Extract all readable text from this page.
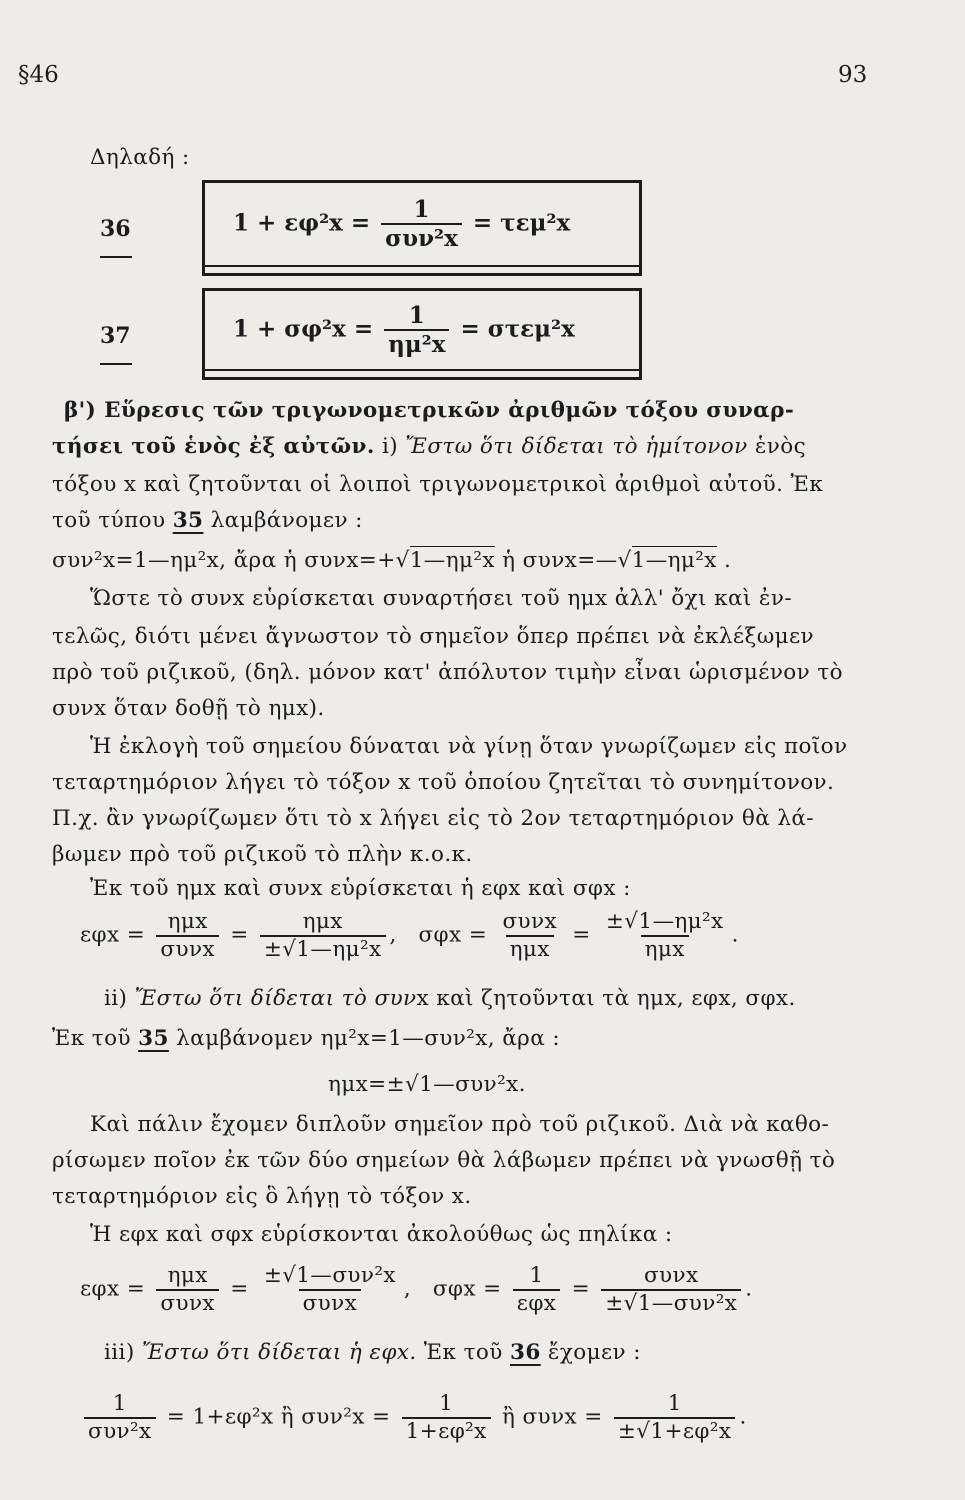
§46	93
Δηλαδή :
36	$1 + \varepsilon\varphi^2x = \frac{1}{\text{συν²x}} = \tau\varepsilon\mu^2x$
37	$1 + \sigma\varphi^2x = \frac{1}{\text{ημ²x}} = \sigma\tau\varepsilon\mu^2x$
β') Εὕρεσις τῶν τριγωνομετρικῶν ἀριθμῶν τόξου συναρ-
τήσει τοῦ ἑνὸς ἐξ αὐτῶν. i) Ἔστω ὅτι δίδεται τὸ ἡμίτονον ἑνὸς
τόξου x καὶ ζητοῦνται οἱ λοιποὶ τριγωνομετρικοὶ ἀριθμοὶ αὐτοῦ. Ἐκ
τοῦ τύπου 35 λαμβάνομεν :
συν²x=1—ημ²x, ἄρα ἡ συνx=+√1—ημ²x ἡ συνx=—√1—ημ²x .
Ὥστε τὸ συνx εὑρίσκεται συναρτήσει τοῦ ημx ἀλλ' ὄχι καὶ ἐν-
τελῶς, διότι μένει ἄγνωστον τὸ σημεῖον ὅπερ πρέπει νὰ ἐκλέξωμεν
πρὸ τοῦ ριζικοῦ, (δηλ. μόνον κατ' ἀπόλυτον τιμὴν εἶναι ὡρισμένον τὸ
συνx ὅταν δοθῇ τὸ ημx).
Ἡ ἐκλογὴ τοῦ σημείου δύναται νὰ γίνῃ ὅταν γνωρίζωμεν εἰς ποῖον
τεταρτημόριον λήγει τὸ τόξον x τοῦ ὁποίου ζητεῖται τὸ συνημίτονον.
Π.χ. ἂν γνωρίζωμεν ὅτι τὸ x λήγει εἰς τὸ 2ον τεταρτημόριον θὰ λά-
βωμεν πρὸ τοῦ ριζικοῦ τὸ πλὴν κ.ο.κ.
Ἐκ τοῦ ημx καὶ συνx εὑρίσκεται ἡ εφx καὶ σφx :
$\varepsilon\varphi x = \frac{\text{ημx}}{\text{συνx}} = \frac{\text{ημx}}{\text{±√1—ημ²x}}$ , $\sigma\varphi x = \frac{\text{συνx}}{\text{ημx}} = \frac{\text{±√1—ημ²x}}{\text{ημx}}$ .
ii) Ἔστω ὅτι δίδεται τὸ συνx καὶ ζητοῦνται τὰ ημx, εφx, σφx.
Ἐκ τοῦ 35 λαμβάνομεν ημ²x=1—συν²x, ἄρα :
ημx=±√1—συν²x.
Καὶ πάλιν ἔχομεν διπλοῦν σημεῖον πρὸ τοῦ ριζικοῦ. Διὰ νὰ καθο-
ρίσωμεν ποῖον ἐκ τῶν δύο σημείων θὰ λάβωμεν πρέπει νὰ γνωσθῇ τὸ
τεταρτημόριον εἰς ὃ λήγῃ τὸ τόξον x.
Ἡ εφx καὶ σφx εὑρίσκονται ἀκολούθως ὡς πηλίκα :
$\varepsilon\varphi x = \frac{\text{ημx}}{\text{συνx}} = \frac{\text{±√1—συν²x}}{\text{συνx}}$ , $\sigma\varphi x = \frac{1}{\text{εφx}} = \frac{\text{συνx}}{\text{±√1—συν²x}}$ .
iii) Ἔστω ὅτι δίδεται ἡ εφx. Ἐκ τοῦ 36 ἔχομεν :
$\frac{1}{\text{συν²x}} = 1+\varepsilon\varphi^2x$ ἢ $\sigma\upsilon\nu^2x = \frac{1}{\text{1+εφ²x}}$ ἢ $\sigma\upsilon\nu x = \frac{1}{\text{±√1+εφ²x}}$ .
